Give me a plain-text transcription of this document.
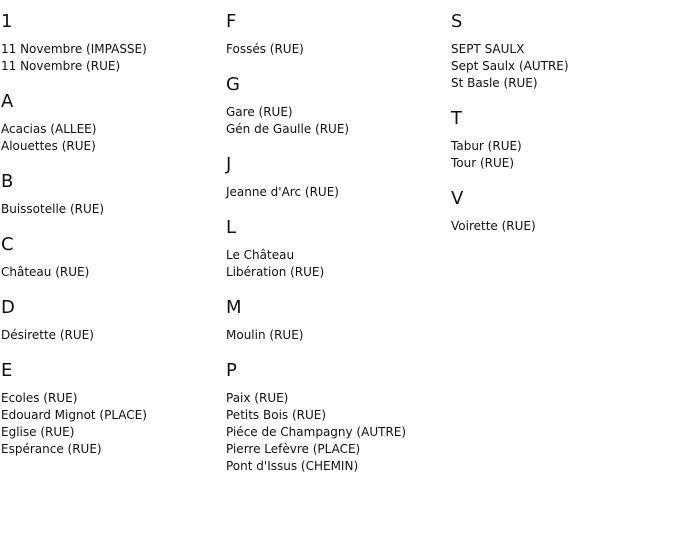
1
11 Novembre (IMPASSE)
11 Novembre (RUE)
A
Acacias (ALLEE)
Alouettes (RUE)
B
Buissotelle (RUE)
C
Château (RUE)
D
Désirette (RUE)
E
Ecoles (RUE)
Edouard Mignot (PLACE)
Eglise (RUE)
Espérance (RUE)
F
Fossés (RUE)
G
Gare (RUE)
Gén de Gaulle (RUE)
J
Jeanne d'Arc (RUE)
L
Le Château
Libération (RUE)
M
Moulin (RUE)
P
Paix (RUE)
Petits Bois (RUE)
Piéce de Champagny (AUTRE)
Pierre Lefèvre (PLACE)
Pont d'Issus (CHEMIN)
S
SEPT SAULX
Sept Saulx (AUTRE)
St Basle (RUE)
T
Tabur (RUE)
Tour (RUE)
V
Voirette (RUE)
